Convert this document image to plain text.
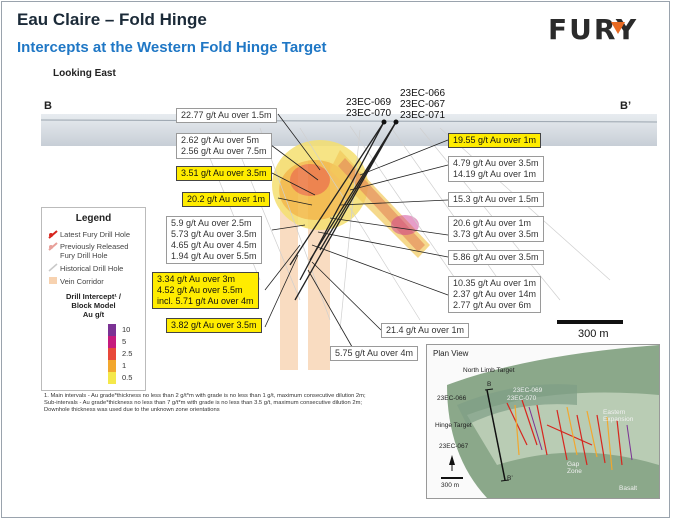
Eau Claire – Fold Hinge
Intercepts at the Western Fold Hinge Target
FURY
Looking East
B	B’
23EC-069
23EC-070
23EC-066
23EC-067
23EC-071
22.77 g/t Au over 1.5m
2.62 g/t Au over 5m
2.56 g/t Au over 7.5m
3.51 g/t Au over 3.5m
20.2 g/t Au over 1m
5.9 g/t Au over 2.5m
5.73 g/t Au over 3.5m
4.65 g/t Au over 4.5m
1.94 g/t Au over 5.5m
3.34 g/t Au over 3m
4.52 g/t Au over 5.5m
incl. 5.71 g/t Au over 4m
3.82 g/t Au over 3.5m
19.55 g/t Au over 1m
4.79 g/t Au over 3.5m
14.19 g/t Au over 1m
15.3 g/t Au over 1.5m
20.6 g/t Au over 1m
3.73 g/t Au over 3.5m
5.86 g/t Au over 3.5m
10.35 g/t Au over 1m
2.37 g/t Au over 14m
2.77 g/t Au over 6m
21.4 g/t Au over 1m
5.75 g/t Au over 4m
Legend
Latest Fury Drill Hole
Previously Released
Fury Drill Hole
Historical Drill Hole
Vein Corridor
Drill Intercept¹ /
Block Model
Au g/t
10
5
2.5
1
0.5
1. Main intervals - Au grade*thickness no less than 2 g/t*m with grade is no less than 1 g/t, maximum consecutive dilution 2m;
Sub-intervals - Au grade*thickness no less than 7 g/t*m with grade is no less than 3.5 g/t, maximum consecutive dilution 2m;
Downhole thickness was used due to the unknown zone orientations
300 m
Plan View
North Limb Target
Hinge Target
Eastern
Expansion
Gap
Zone
Basalt
B
B’
23EC-066
23EC-067
23EC-069
23EC-070
300 m
